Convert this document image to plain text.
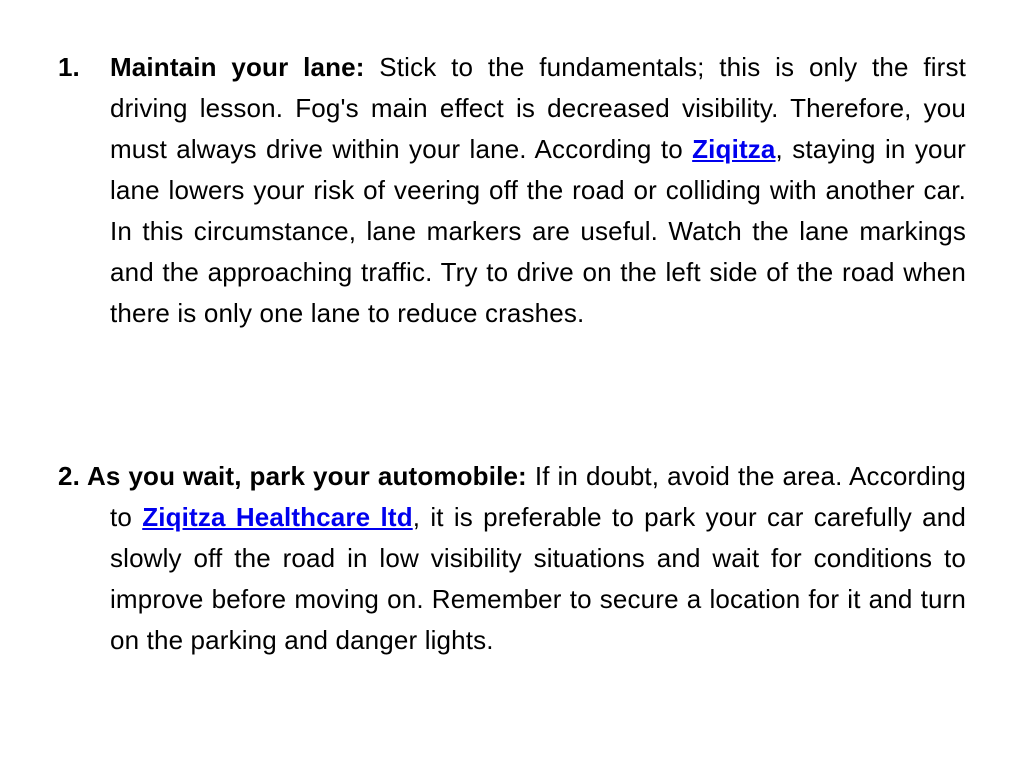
1. Maintain your lane: Stick to the fundamentals; this is only the first driving lesson. Fog's main effect is decreased visibility. Therefore, you must always drive within your lane. According to Ziqitza, staying in your lane lowers your risk of veering off the road or colliding with another car. In this circumstance, lane markers are useful. Watch the lane markings and the approaching traffic. Try to drive on the left side of the road when there is only one lane to reduce crashes.
2. As you wait, park your automobile: If in doubt, avoid the area. According to Ziqitza Healthcare ltd, it is preferable to park your car carefully and slowly off the road in low visibility situations and wait for conditions to improve before moving on. Remember to secure a location for it and turn on the parking and danger lights.
